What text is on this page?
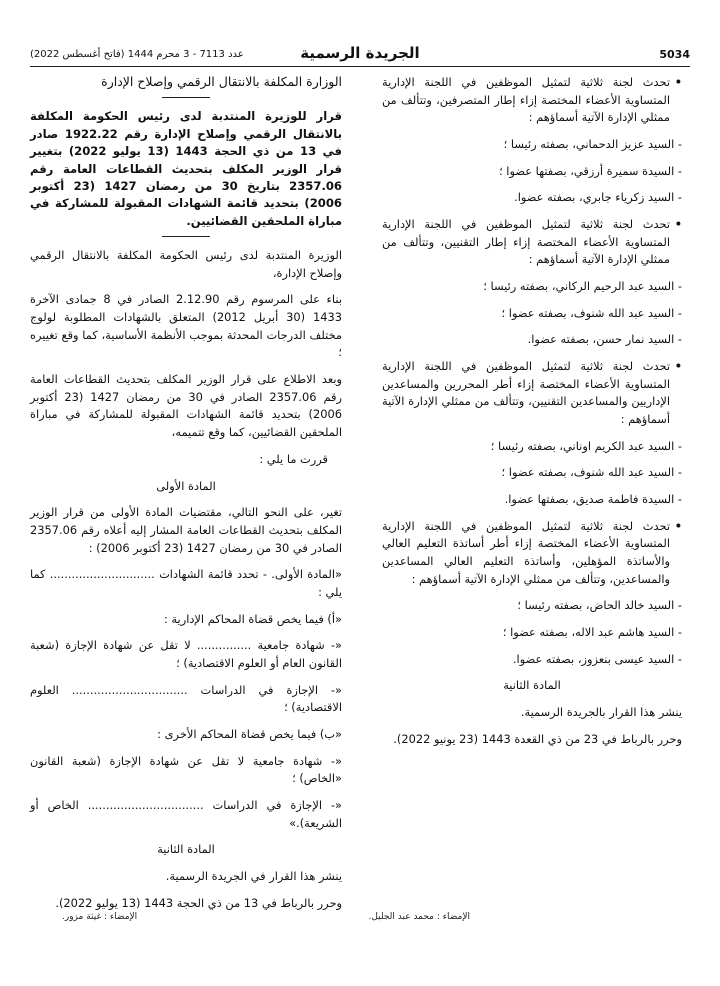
5034
الجريدة الرسمية
عدد 7113 - 3 محرم 1444 (فاتح أغسطس 2022)

• تحدث لجنة ثلاثية لتمثيل الموظفين في اللجنة الإدارية المتساوية الأعضاء المختصة إزاء إطار المتصرفين، وتتألف من ممثلي الإدارة الآتية أسماؤهم :

- السيد عزيز الدحماني، بصفته رئيسا ؛

- السيدة سميرة أرزقي، بصفتها عضوا ؛

- السيد زكرياء جابري، بصفته عضوا.

• تحدث لجنة ثلاثية لتمثيل الموظفين في اللجنة الإدارية المتساوية الأعضاء المختصة إزاء إطار التقنيين، وتتألف من ممثلي الإدارة الآتية أسماؤهم :

- السيد عبد الرحيم الركاني، بصفته رئيسا ؛

- السيد عبد الله شنوف، بصفته عضوا ؛

- السيد نمار حسن، بصفته عضوا.

• تحدث لجنة ثلاثية لتمثيل الموظفين في اللجنة الإدارية المتساوية الأعضاء المختصة إزاء أطر المحررين والمساعدين الإداريين والمساعدين التقنيين، وتتألف من ممثلي الإدارة الآتية أسماؤهم :

- السيد عبد الكريم اوناني، بصفته رئيسا ؛

- السيد عبد الله شنوف، بصفته عضوا ؛

- السيدة فاطمة صديق، بصفتها عضوا.

• تحدث لجنة ثلاثية لتمثيل الموظفين في اللجنة الإدارية المتساوية الأعضاء المختصة إزاء أطر أساتذة التعليم العالي والأساتذة المؤهلين، وأساتذة التعليم العالي المساعدين والمساعدين، وتتألف من ممثلي الإدارة الآتية أسماؤهم :

- السيد خالد الحاض، بصفته رئيسا ؛

- السيد هاشم عبد الاله، بصفته عضوا ؛

- السيد عيسى بنعزوز، بصفته عضوا.

المادة الثانية

ينشر هذا القرار بالجريدة الرسمية.

وحرر بالرباط في 23 من ذي القعدة 1443 (23 يونيو 2022).

الوزارة المكلفة بالانتقال الرقمي وإصلاح الإدارة
قرار للوزيرة المنتدبة لدى رئيس الحكومة المكلفة بالانتقال الرقمي وإصلاح الإدارة رقم 1922.22 صادر في 13 من ذي الحجة 1443 (13 يوليو 2022) بتغيير قرار الوزير المكلف بتحديث القطاعات العامة رقم 2357.06 بتاريخ 30 من رمضان 1427 (23 أكتوبر 2006) بتحديد قائمة الشهادات المقبولة للمشاركة في مباراة الملحقين القضائيين.

الوزيرة المنتدبة لدى رئيس الحكومة المكلفة بالانتقال الرقمي وإصلاح الإدارة،

بناء على المرسوم رقم 2.12.90 الصادر في 8 جمادى الآخرة 1433 (30 أبريل 2012) المتعلق بالشهادات المطلوبة لولوج مختلف الدرجات المحدثة بموجب الأنظمة الأساسية، كما وقع تغييره ؛

وبعد الاطلاع على قرار الوزير المكلف بتحديث القطاعات العامة رقم 2357.06 الصادر في 30 من رمضان 1427 (23 أكتوبر 2006) بتحديد قائمة الشهادات المقبولة للمشاركة في مباراة الملحقين القضائيين، كما وقع تتميمه،

قررت ما يلي :

المادة الأولى

تغير، على النحو التالي، مقتضيات المادة الأولى من قرار الوزير المكلف بتحديث القطاعات العامة المشار إليه أعلاه رقم 2357.06 الصادر في 30 من رمضان 1427 (23 أكتوبر 2006) :

«المادة الأولى. - تحدد قائمة الشهادات ............................. كما يلي :

«أ) فيما يخص قضاة المحاكم الإدارية :

«- شهادة جامعية ............... لا تقل عن شهادة الإجازة (شعبة القانون العام أو العلوم الاقتصادية) ؛

«- الإجازة في الدراسات ................................ العلوم الاقتصادية) ؛

«ب) فيما يخص قضاة المحاكم الأخرى :

«- شهادة جامعية لا تقل عن شهادة الإجازة (شعبة القانون «الخاص) ؛

«- الإجازة في الدراسات ................................ الخاص أو الشريعة).»

المادة الثانية

ينشر هذا القرار في الجريدة الرسمية.

وحرر بالرباط في 13 من ذي الحجة 1443 (13 يوليو 2022).

الإمضاء : محمد عبد الجليل.
الإمضاء : غيثة مزور.
